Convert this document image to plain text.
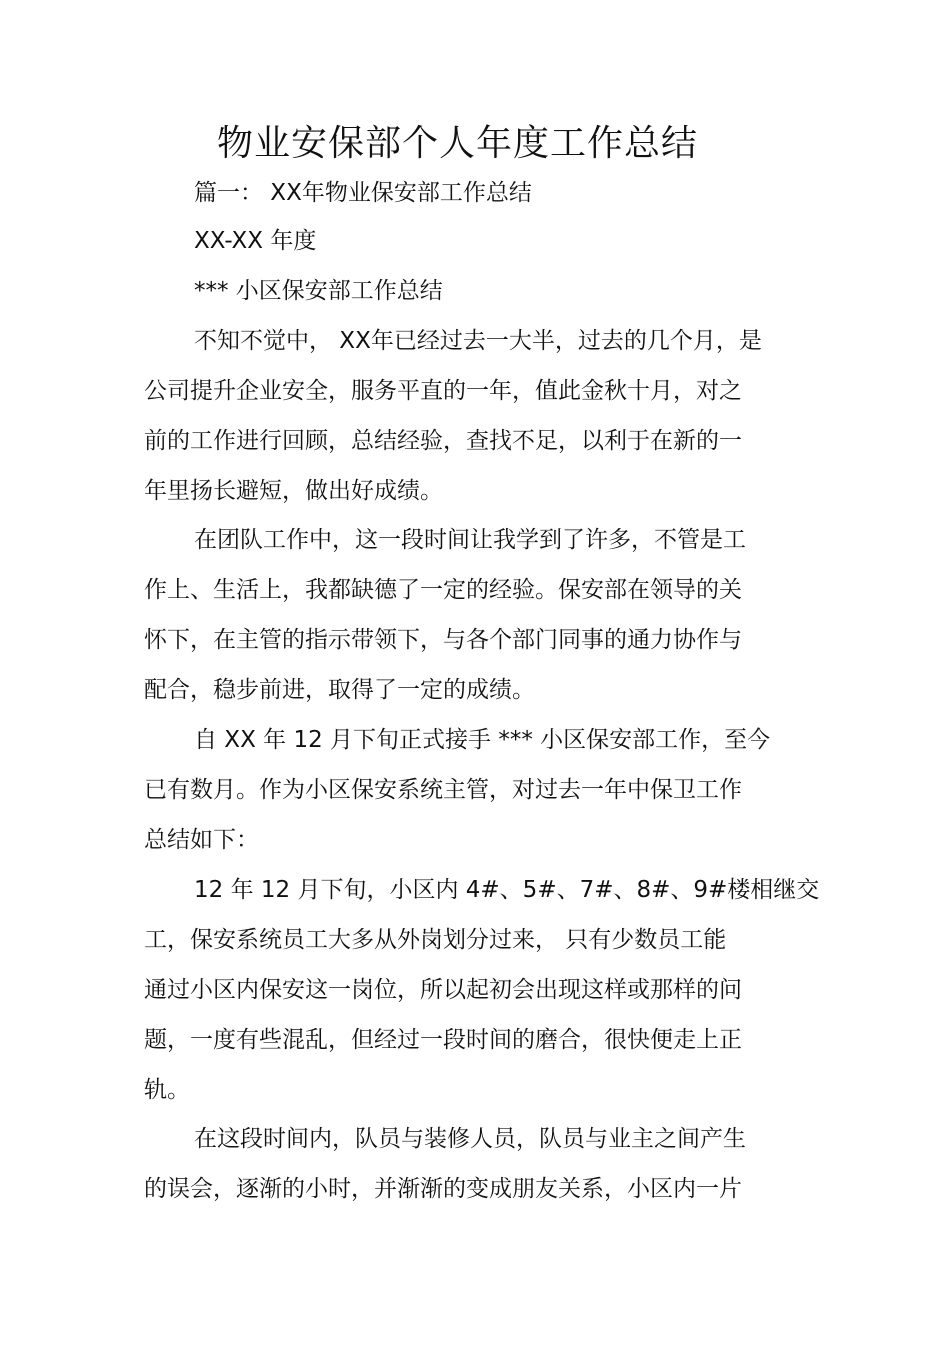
物业安保部个人年度工作总结
篇一： XX年物业保安部工作总结
XX-XX 年度
*** 小区保安部工作总结
不知不觉中， XX年已经过去一大半，过去的几个月，是
公司提升企业安全，服务平直的一年，值此金秋十月，对之
前的工作进行回顾，总结经验，查找不足，以利于在新的一
年里扬长避短，做出好成绩。
在团队工作中，这一段时间让我学到了许多，不管是工
作上、生活上，我都缺德了一定的经验。保安部在领导的关
怀下，在主管的指示带领下，与各个部门同事的通力协作与
配合，稳步前进，取得了一定的成绩。
自 XX 年 12 月下旬正式接手 *** 小区保安部工作，至今
已有数月。作为小区保安系统主管，对过去一年中保卫工作
总结如下：
12 年 12 月下旬，小区内 4#、5#、7#、8#、9#楼相继交
工，保安系统员工大多从外岗划分过来， 只有少数员工能
通过小区内保安这一岗位，所以起初会出现这样或那样的问
题，一度有些混乱，但经过一段时间的磨合，很快便走上正
轨。
在这段时间内，队员与装修人员，队员与业主之间产生
的误会，逐渐的小时，并渐渐的变成朋友关系，小区内一片
